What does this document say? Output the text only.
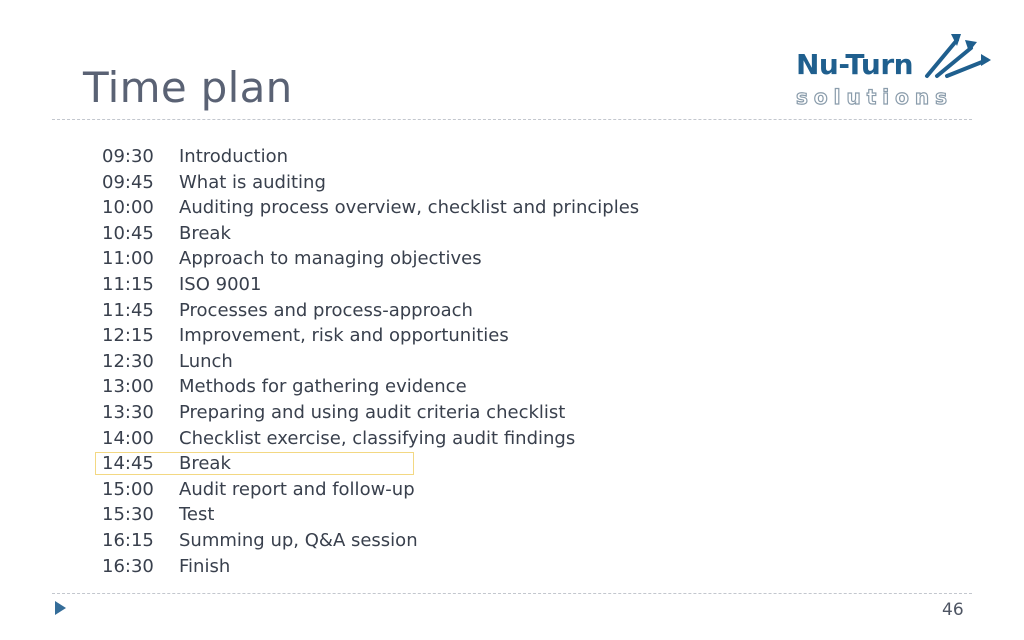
Time plan	Nu-Turn
solutions
09:30	Introduction
09:45	What is auditing
10:00	Auditing process overview, checklist and principles
10:45	Break
11:00	Approach to managing objectives
11:15	ISO 9001
11:45	Processes and process-approach
12:15	Improvement, risk and opportunities
12:30	Lunch
13:00	Methods for gathering evidence
13:30	Preparing and using audit criteria checklist
14:00	Checklist exercise, classifying audit findings
14:45	Break
15:00	Audit report and follow-up
15:30	Test
16:15	Summing up, Q&A session
16:30	Finish
46
